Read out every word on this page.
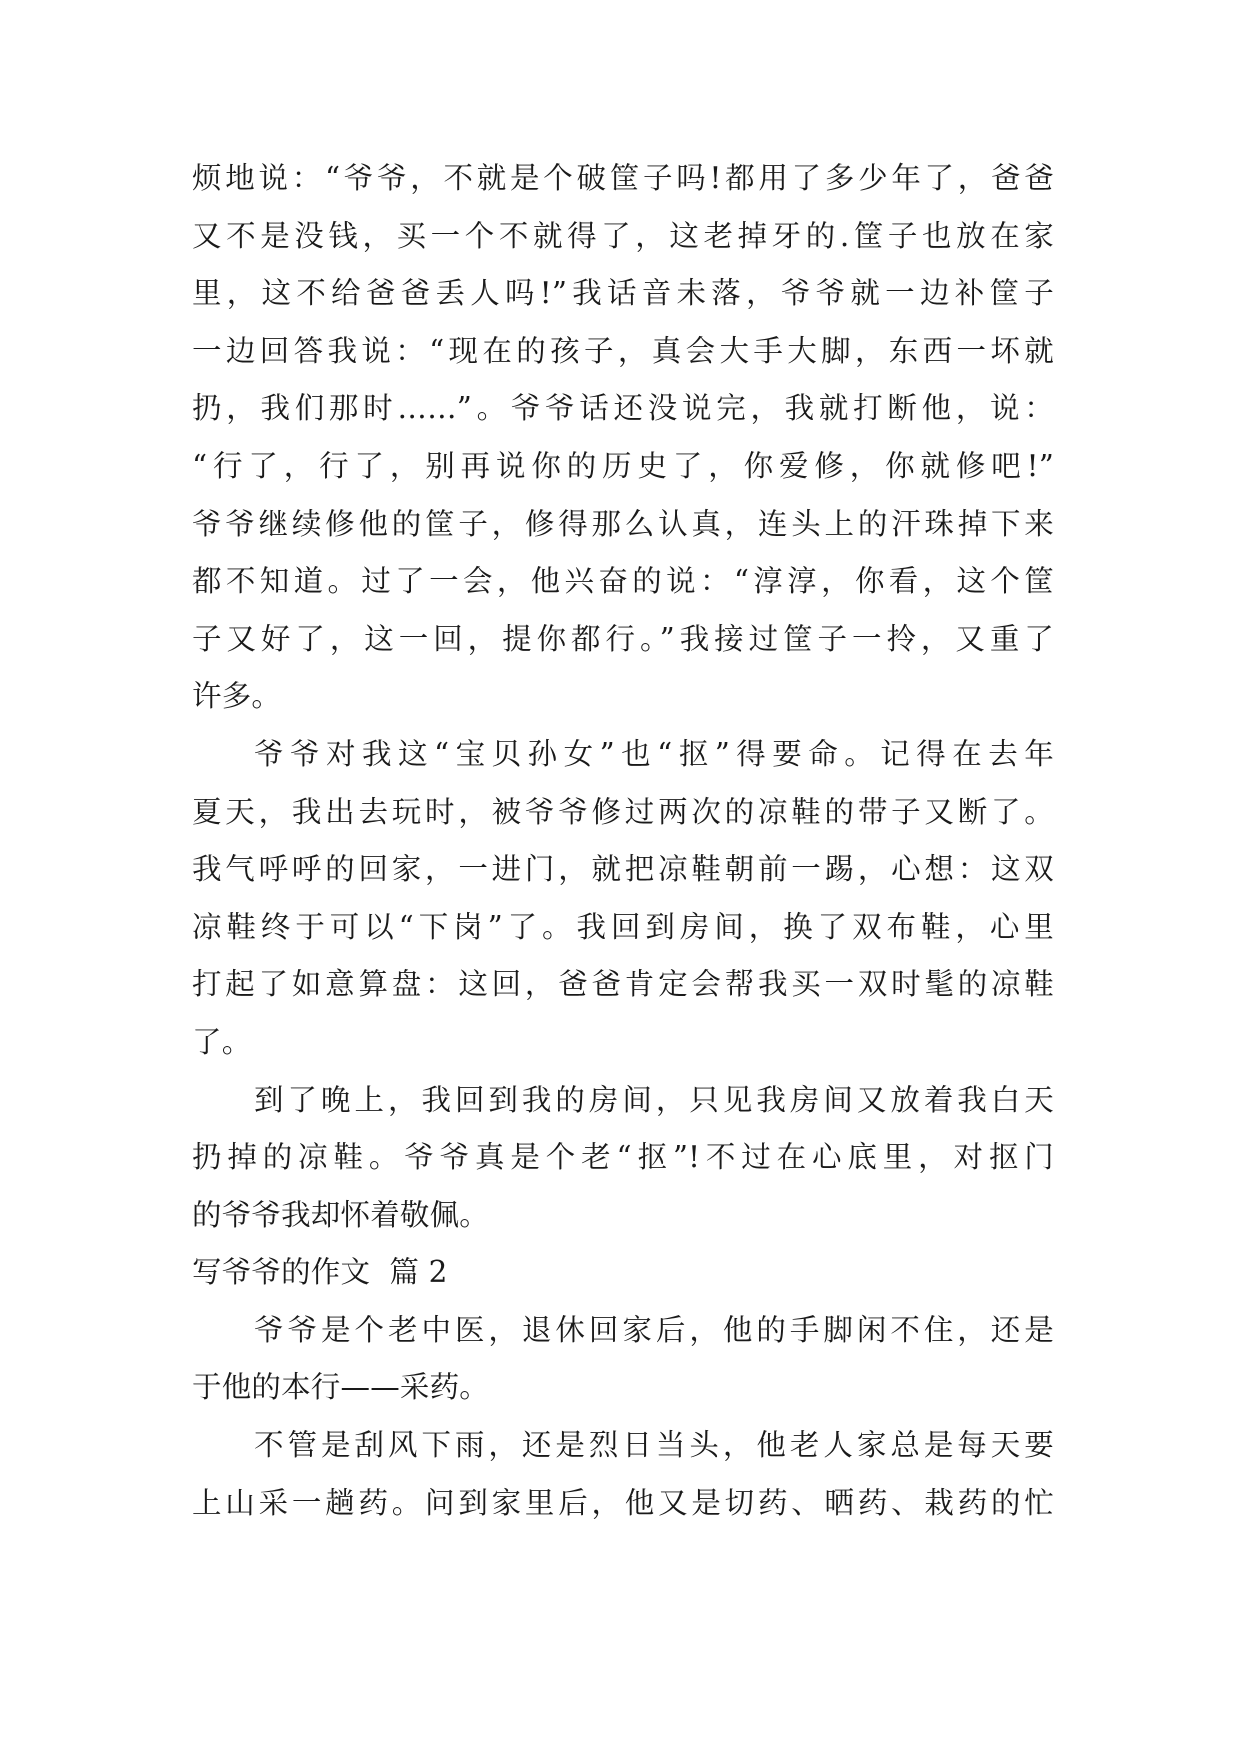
烦地说：“爷爷，不就是个破筐子吗!都用了多少年了，爸爸
又不是没钱，买一个不就得了，这老掉牙的.筐子也放在家
里，这不给爸爸丢人吗!”我话音未落，爷爷就一边补筐子
一边回答我说：“现在的孩子，真会大手大脚，东西一坏就
扔，我们那时……”。爷爷话还没说完，我就打断他，说：
“行了，行了，别再说你的历史了，你爱修，你就修吧!”
爷爷继续修他的筐子，修得那么认真，连头上的汗珠掉下来
都不知道。过了一会，他兴奋的说：“淳淳，你看，这个筐
子又好了，这一回，提你都行。”我接过筐子一拎，又重了
许多。
爷爷对我这“宝贝孙女”也“抠”得要命。记得在去年
夏天，我出去玩时，被爷爷修过两次的凉鞋的带子又断了。
我气呼呼的回家，一进门，就把凉鞋朝前一踢，心想：这双
凉鞋终于可以“下岗”了。我回到房间，换了双布鞋，心里
打起了如意算盘：这回，爸爸肯定会帮我买一双时髦的凉鞋
了。
到了晚上，我回到我的房间，只见我房间又放着我白天
扔掉的凉鞋。爷爷真是个老“抠”!不过在心底里，对抠门
的爷爷我却怀着敬佩。
写爷爷的作文  篇 2
爷爷是个老中医，退休回家后，他的手脚闲不住，还是
于他的本行——采药。
不管是刮风下雨，还是烈日当头，他老人家总是每天要
上山采一趟药。问到家里后，他又是切药、晒药、栽药的忙
